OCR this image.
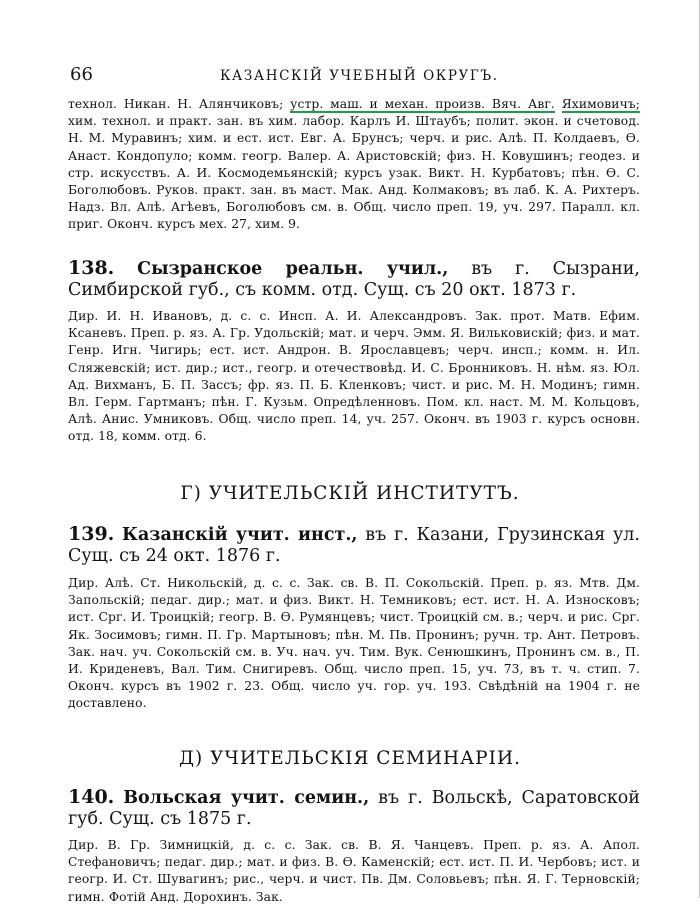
66	КАЗАНСКІЙ УЧЕБНЫЙ ОКРУГЪ.
технол. Никан. Н. Алянчиковъ; устр. маш. и механ. произв. Вяч. Авг. Яхимовичъ; хим. технол. и практ. зан. въ хим. лабор. Карлъ И. Штаубъ; полит. экон. и счетовод. Н. М. Муравинъ; хим. и ест. ист. Евг. А. Брунсъ; черч. и рис. Алѣ. П. Колдаевъ, Ѳ. Анаст. Кондопуло; комм. геогр. Валер. А. Аристовскій; физ. Н. Ковушинъ; геодез. и стр. искусствъ. А. И. Космодемьянскій; курсъ узак. Викт. Н. Курбатовъ; пѣн. Ѳ. С. Боголюбовъ. Руков. практ. зан. въ маст. Мак. Анд. Колмаковъ; въ лаб. К. А. Рихтеръ. Надз. Вл. Алѣ. Агѣевъ, Боголюбовъ см. в. Общ. число преп. 19, уч. 297. Паралл. кл. приг. Оконч. курсъ мех. 27, хим. 9.
138. Сызранское реальн. учил., въ г. Сызрани, Симбирской губ., съ комм. отд. Сущ. съ 20 окт. 1873 г.
Дир. И. Н. Ивановъ, д. с. с. Инсп. А. И. Александровъ. Зак. прот. Матв. Ефим. Ксаневъ. Преп. р. яз. А. Гр. Удольскій; мат. и черч. Эмм. Я. Вильковискій; физ. и мат. Генр. Игн. Чигирь; ест. ист. Андрон. В. Ярославцевъ; черч. инсп.; комм. н. Ил. Сляжевскій; ист. дир.; ист., геогр. и отечествовѣд. И. С. Бронниковъ. Н. нѣм. яз. Юл. Ад. Вихманъ, Б. П. Зассъ; фр. яз. П. Б. Кленковъ; чист. и рис. М. Н. Модинъ; гимн. Вл. Герм. Гартманъ; пѣн. Г. Кузьм. Опредѣленновъ. Пом. кл. наст. М. М. Кольцовъ, Алѣ. Анис. Умниковъ. Общ. число преп. 14, уч. 257. Оконч. въ 1903 г. курсъ основн. отд. 18, комм. отд. 6.
Г) УЧИТЕЛЬСКІЙ ИНСТИТУТЪ.
139. Казанскій учит. инст., въ г. Казани, Грузинская ул. Сущ. съ 24 окт. 1876 г.
Дир. Алѣ. Ст. Никольскій, д. с. с. Зак. св. В. П. Сокольскій. Преп. р. яз. Мтв. Дм. Запольскій; педаг. дир.; мат. и физ. Викт. Н. Темниковъ; ест. ист. Н. А. Износковъ; ист. Срг. И. Троицкій; геогр. В. Ѳ. Румянцевъ; чист. Троицкій см. в.; черч. и рис. Срг. Як. Зосимовъ; гимн. П. Гр. Мартыновъ; пѣн. М. Пв. Пронинъ; ручн. тр. Ант. Петровъ. Зак. нач. уч. Сокольскій см. в. Уч. нач. уч. Тим. Вук. Сенюшкинъ, Пронинъ см. в., П. И. Криденевъ, Вал. Тим. Снигиревъ. Общ. число преп. 15, уч. 73, въ т. ч. стип. 7. Оконч. курсъ въ 1902 г. 23. Общ. число уч. гор. уч. 193. Свѣдѣній на 1904 г. не доставлено.
Д) УЧИТЕЛЬСКІЯ СЕМИНАРІИ.
140. Вольская учит. семин., въ г. Вольскѣ, Саратовской губ. Сущ. съ 1875 г.
Дир. В. Гр. Зимницкій, д. с. с. Зак. св. В. Я. Чанцевъ. Преп. р. яз. А. Апол. Стефановичъ; педаг. дир.; мат. и физ. В. Ѳ. Каменскій; ест. ист. П. И. Чербовъ; ист. и геогр. И. Ст. Шувагинъ; рис., черч. и чист. Пв. Дм. Соловьевъ; пѣн. Я. Г. Терновскій; гимн. Фотій Анд. Дорохинъ. Зак.
